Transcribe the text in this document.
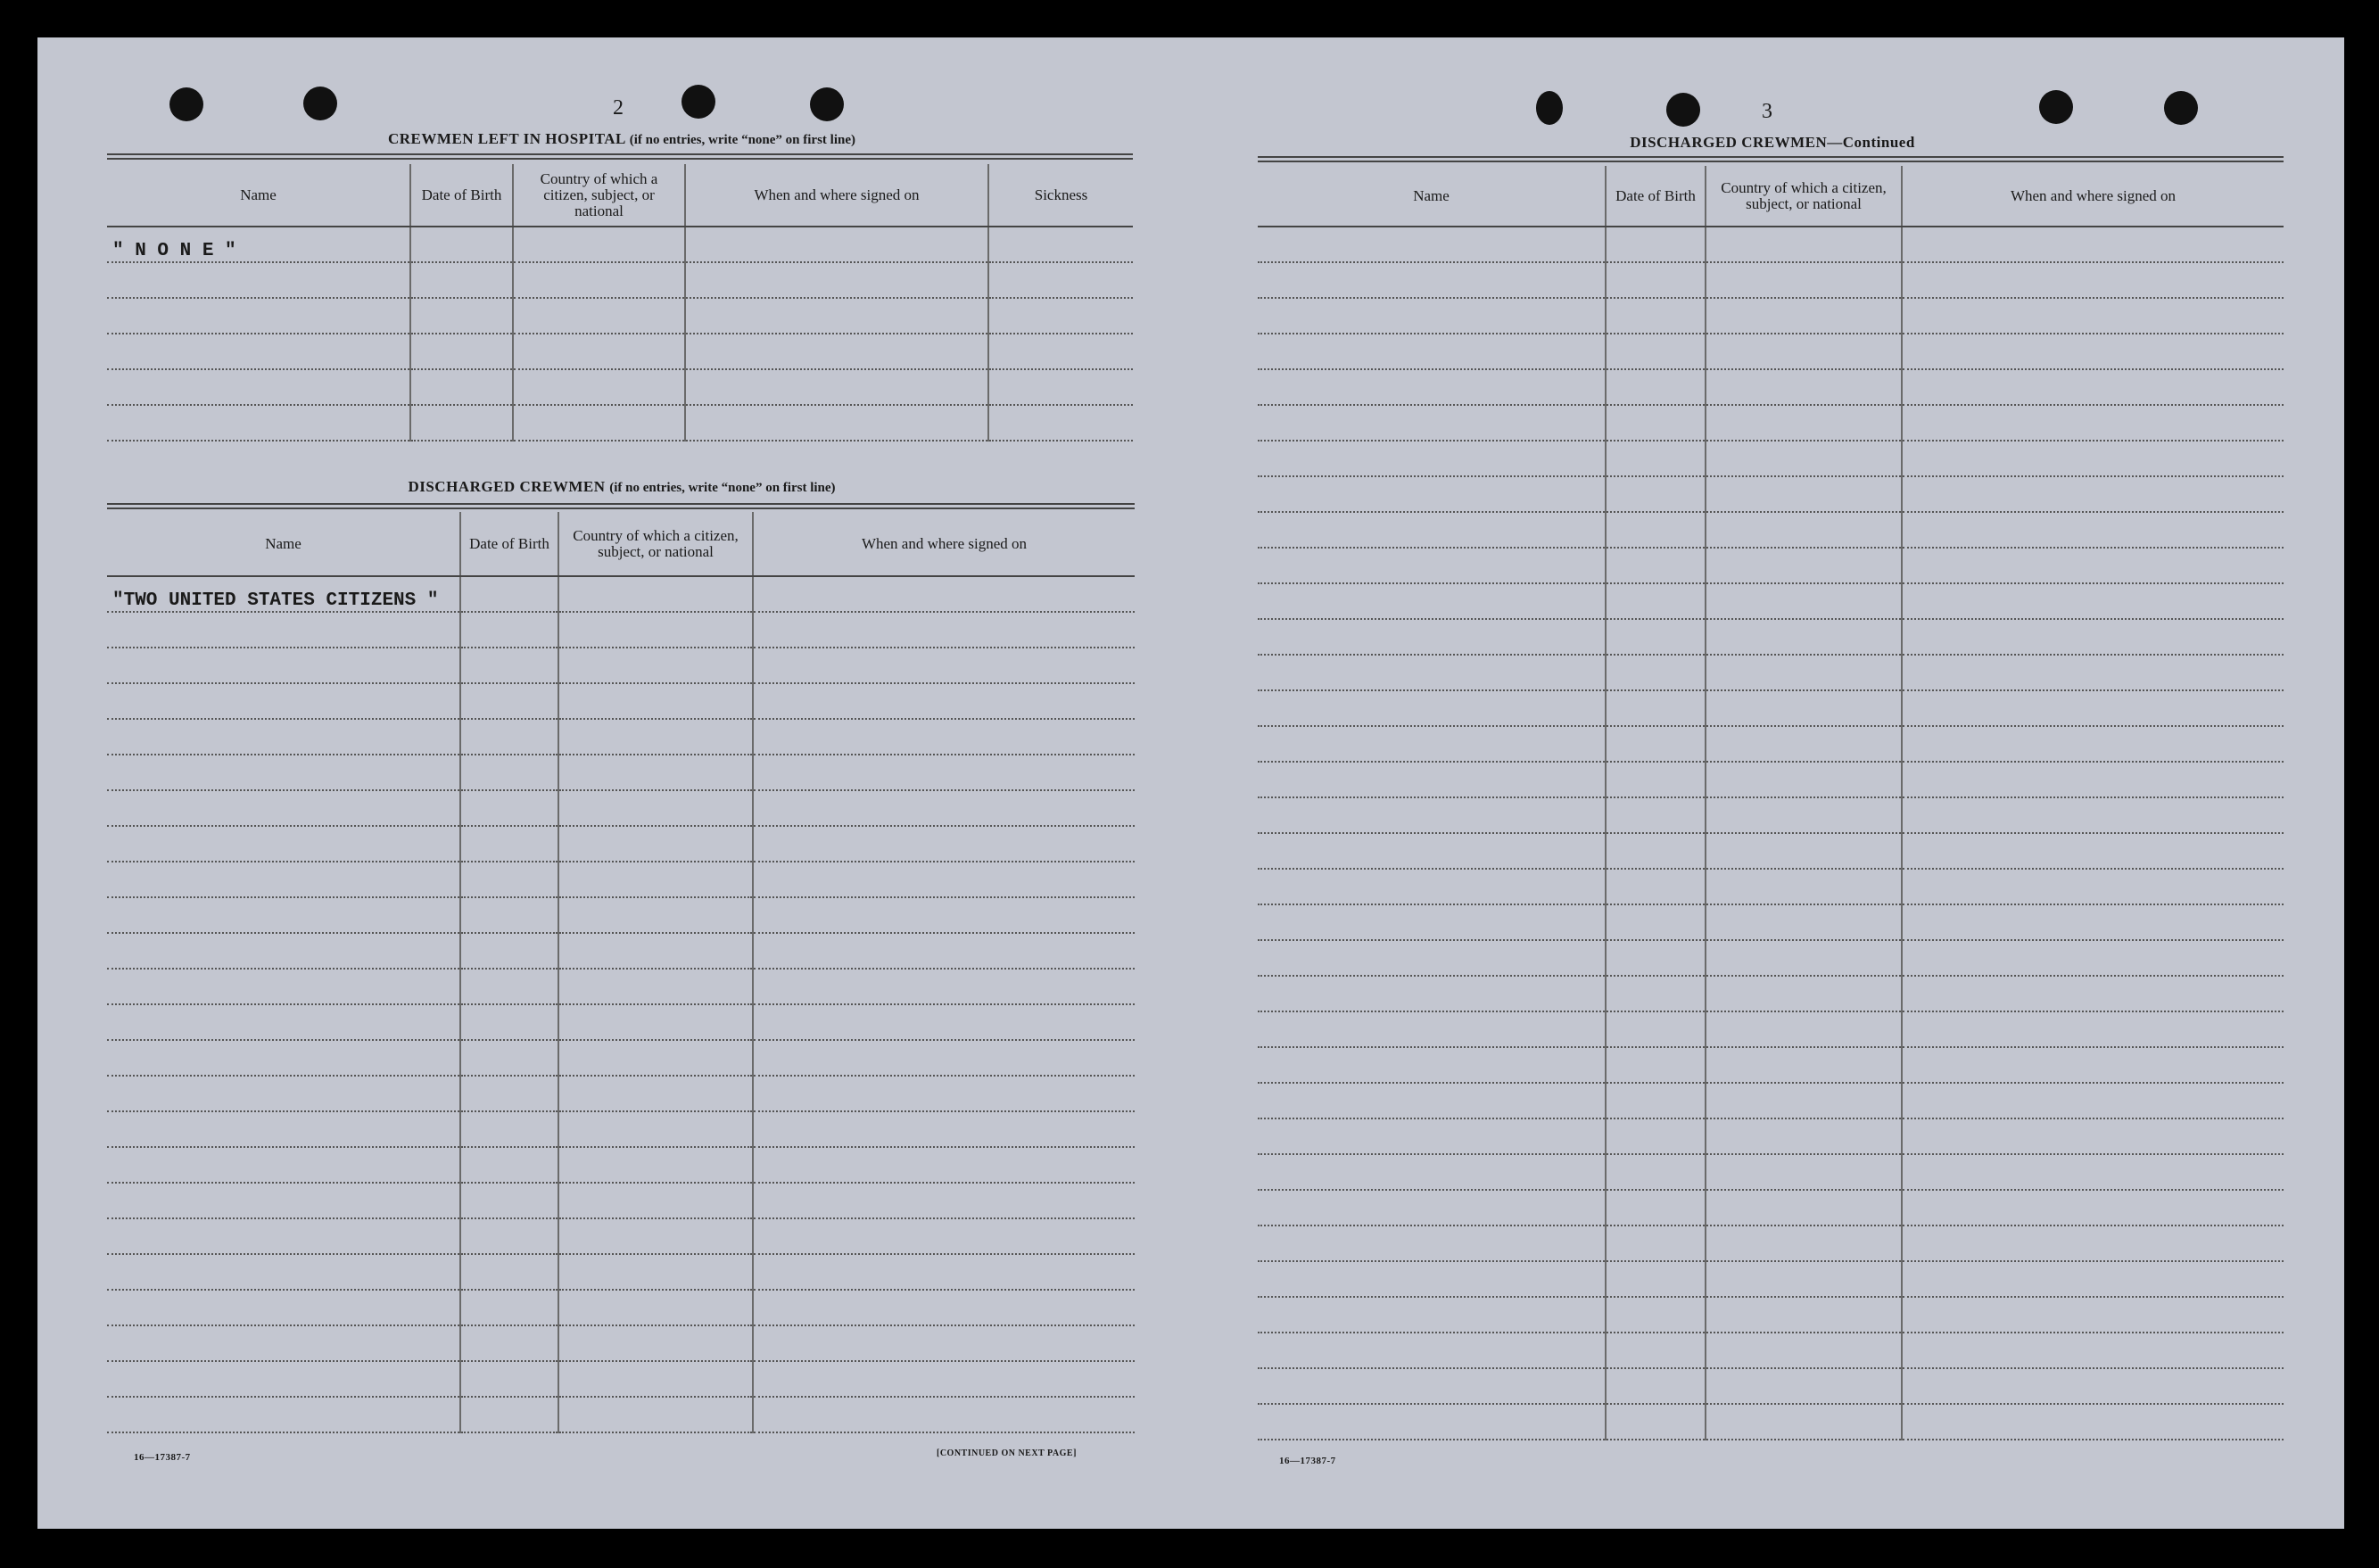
2
CREWMEN LEFT IN HOSPITAL (if no entries, write “none” on first line)
Name	Date of Birth	Country of which a citizen, subject, or national	When and where signed on	Sickness
" N O N E "				

DISCHARGED CREWMEN (if no entries, write “none” on first line)
Name	Date of Birth	Country of which a citizen, subject, or national	When and where signed on
"TWO UNITED STATES CITIZENS "			

16—17387-7	[CONTINUED ON NEXT PAGE]
3
DISCHARGED CREWMEN—Continued
Name	Date of Birth	Country of which a citizen, subject, or national	When and where signed on

16—17387-7
